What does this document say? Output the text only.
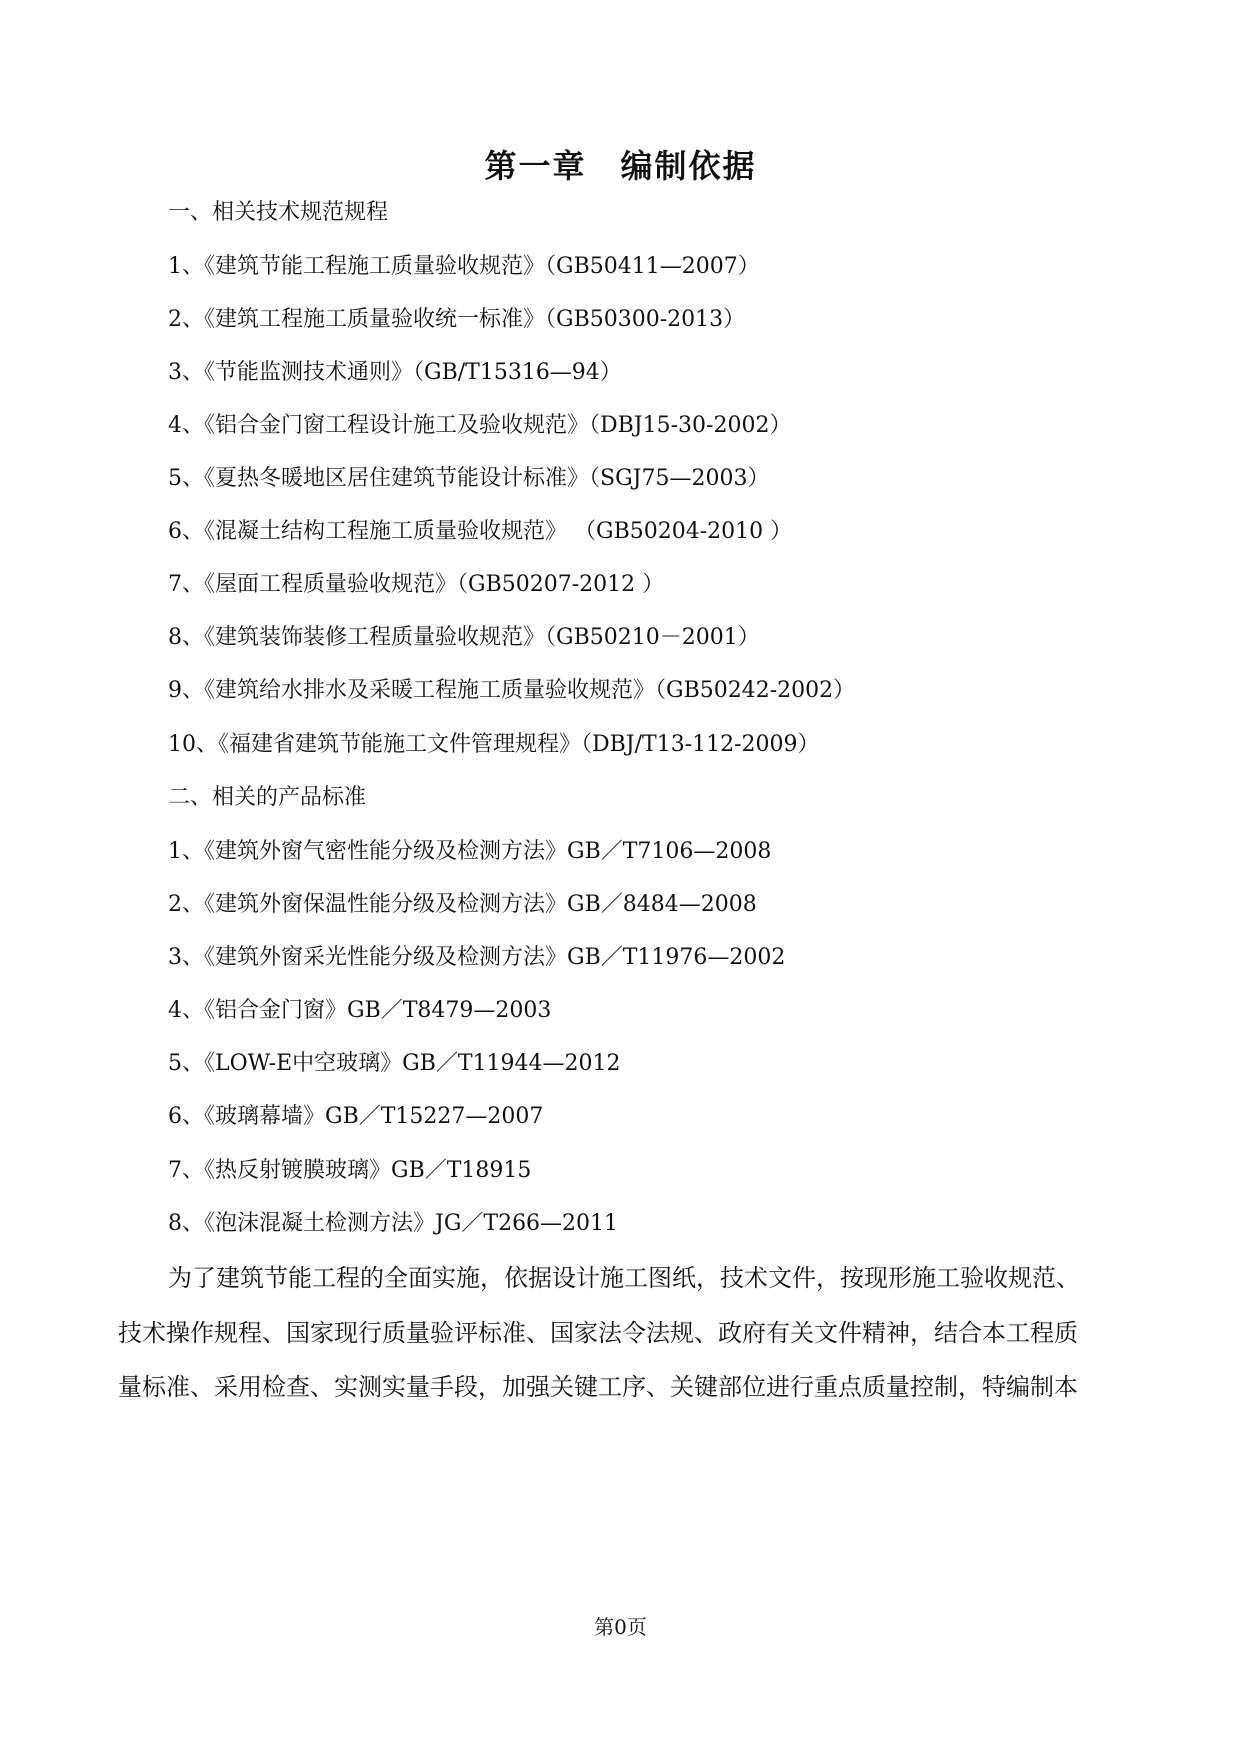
第一章　编制依据
一、相关技术规范规程
1、《建筑节能工程施工质量验收规范》（GB50411—2007）
2、《建筑工程施工质量验收统一标准》（GB50300-2013）
3、《节能监测技术通则》（GB/T15316—94）
4、《铝合金门窗工程设计施工及验收规范》（DBJ15-30-2002）
5、《夏热冬暖地区居住建筑节能设计标准》（SGJ75—2003）
6、《混凝土结构工程施工质量验收规范》 （GB50204-2010 ）
7、《屋面工程质量验收规范》（GB50207-2012 ）
8、《建筑装饰装修工程质量验收规范》（GB50210－2001）
9、《建筑给水排水及采暖工程施工质量验收规范》（GB50242-2002）
10、《福建省建筑节能施工文件管理规程》（DBJ/T13-112-2009）
二、相关的产品标准
1、《建筑外窗气密性能分级及检测方法》GB／T7106—2008
2、《建筑外窗保温性能分级及检测方法》GB／8484—2008
3、《建筑外窗采光性能分级及检测方法》GB／T11976—2002
4、《铝合金门窗》GB／T8479—2003
5、《LOW-E中空玻璃》GB／T11944—2012
6、《玻璃幕墙》GB／T15227—2007
7、《热反射镀膜玻璃》GB／T18915
8、《泡沫混凝土检测方法》JG／T266—2011
为了建筑节能工程的全面实施，依据设计施工图纸，技术文件，按现形施工验收规范、
技术操作规程、国家现行质量验评标准、国家法令法规、政府有关文件精神，结合本工程质
量标准、采用检查、实测实量手段，加强关键工序、关键部位进行重点质量控制，特编制本
第0页
